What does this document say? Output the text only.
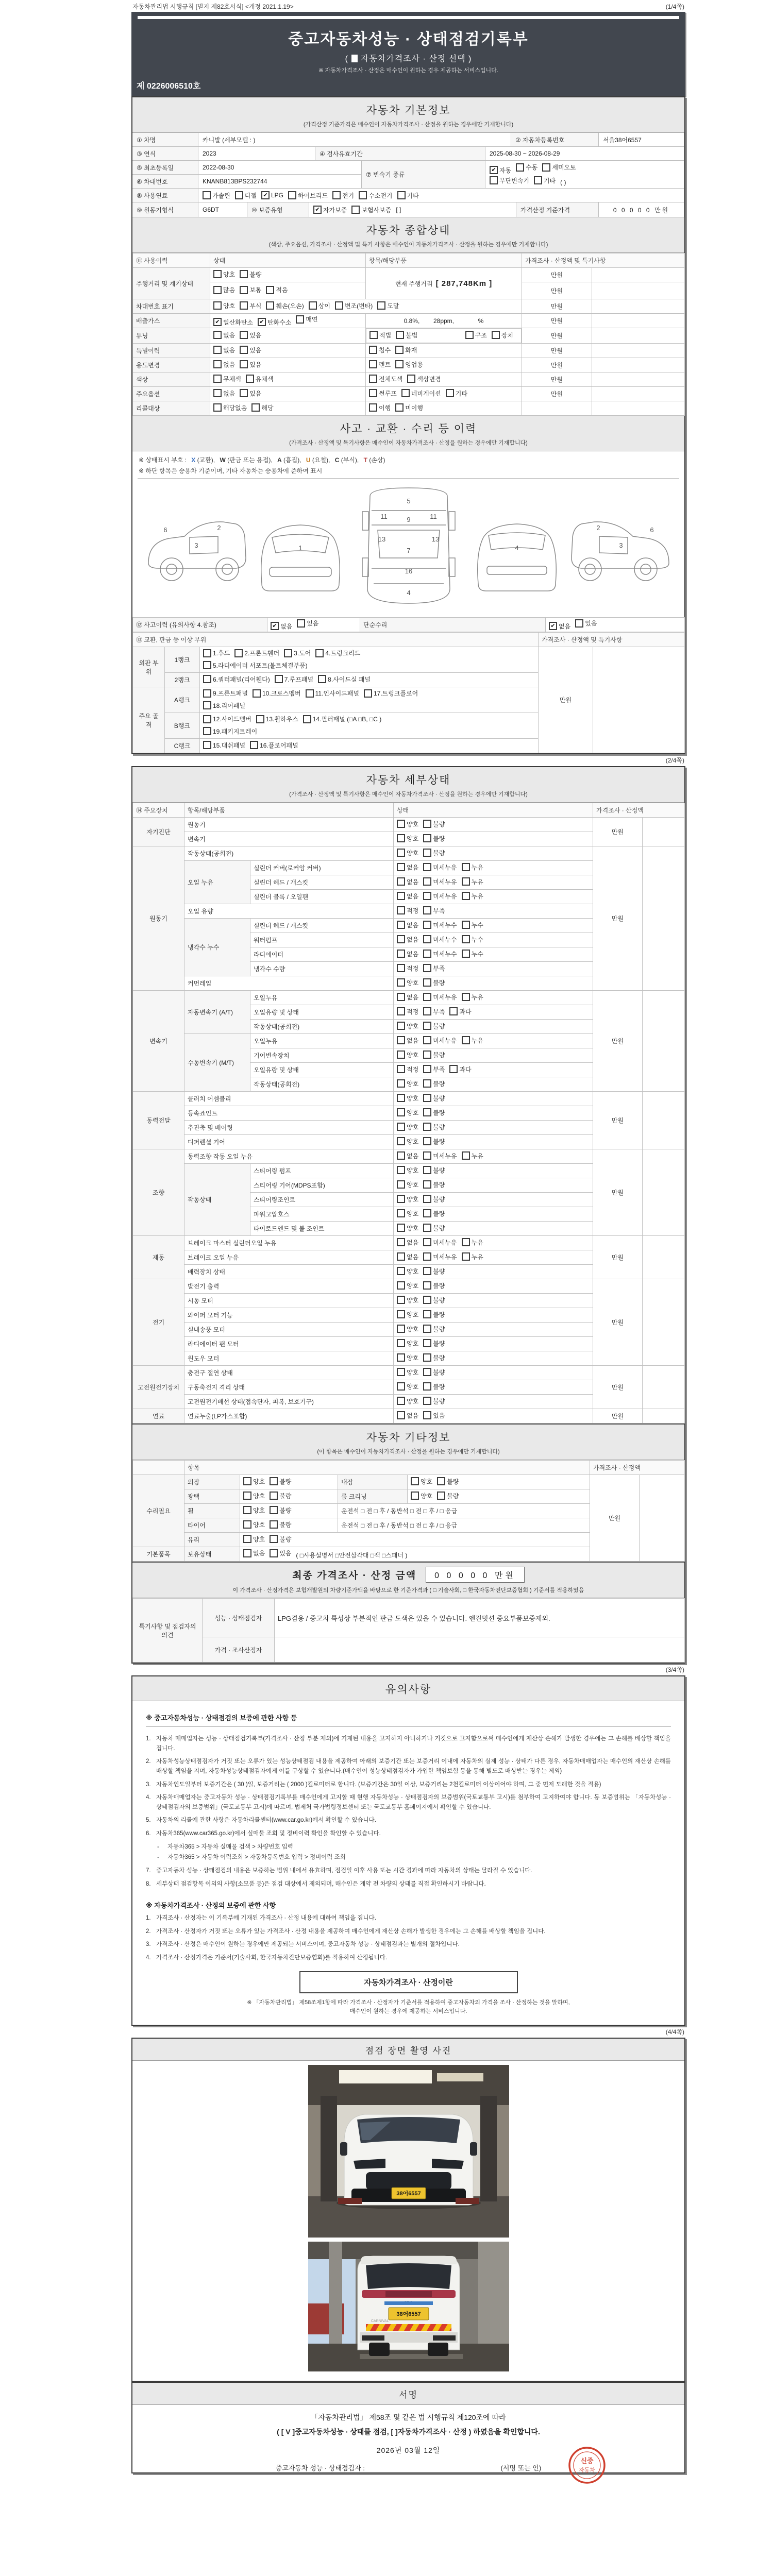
자동차관리법 시행규칙 [별지 제82호서식] <개정 2021.1.19>	(1/4쪽)
중고자동차성능 · 상태점검기록부
( 자동차가격조사 · 산정 선택 )
※ 자동차가격조사 · 산정은 매수인이 원하는 경우 제공하는 서비스입니다.
제 0226006510호
자동차 기본정보
(가격산정 기준가격은 매수인이 자동차가격조사 · 산정을 원하는 경우에만 기재합니다)
① 차명	카니발 (세부모델 : )	② 자동차등록번호	서울38어6557
③ 연식	2023	④ 검사유효기간	2025-08-30 ~ 2026-08-29
⑤ 최초등록일	2022-08-30
⑥ 차대번호	KNANB813BPS232744
⑦ 변속기 종류
✔ 자동 수동 세미오토
무단변속기 기타 ( )
⑧ 사용연료	가솔린 디젤	✔ LPG 하이브리드 전기 수소전기 기타
⑨ 원동기형식	G6DT	⑩ 보증유형	✔ 자가보증 보험사보증 [ ]	가격산정 기준가격	0 0 0 0 0 만원
자동차 종합상태
(색상, 주요옵션, 가격조사 · 산정액 및 특기 사항은 매수인이 자동차가격조사 · 산정을 원하는 경우에만 기재합니다)
⑪ 사용이력	상태	항목/해당부품	가격조사 · 산정액 및 특기사항	
주행거리 및 계기상태	양호 불량	현재 주행거리 [ 287,748Km ]	만원	

	많음 보통 적음		만원	
차대번호 표기	양호 부식 훼손(오손) 상이 변조(변타) 도말	만원	
배출가스	✔ 일산화탄소 ✔ 탄화수소 매연	0.8%,        28ppm,              %	만원	
튜닝	없음 있음
		적법 불법	구조 장치	만원	
특별이력	없음 있음	침수 화재	만원	
용도변경	없음 있음	렌트 영업용	만원	
색상	무채색 유채색	전체도색 색상변경	만원	
주요옵션	없음 있음	썬루프 네비게이션 기타	만원	
리콜대상	해당없음 해당	이행 미이행		

사고 · 교환 · 수리 등 이력
(가격조사 · 산정액 및 특기사항은 매수인이 자동차가격조사 · 산정을 원하는 경우에만 기재합니다)
※ 상태표시 부호 : X (교환), W (판금 또는 용접), A (흠집), U (요철), C (부식), T (손상)
※ 하단 항목은 승용차 기준이며, 기타 자동차는 승용차에 준하여 표시
2
3
6
1
5
9
11	11
13	13
7
16
4
4
2
3
6
⑫ 사고이력 (유의사항 4.참조)	✔ 없음 있음	단순수리	✔ 없음 있음
⑬ 교환, 판금 등 이상 부위			가격조사 · 산정액 및 특기사항	
외판 부위	1랭크	1.후드 2.프론트휀더 3.도어 4.트렁크리드
5.라디에이터 서포트(볼트체결부품)	만원	
	2랭크	6.쿼터패널(리어휀다) 7.루프패널 8.사이드실 패널		

주요 골격	A랭크	9.프론트패널 10.크로스멤버 11.인사이드패널 17.트렁크플로어
18.리어패널		

	B랭크	12.사이드멤버 13.휠하우스 14.필러패널 (□A □B, □C )
19.패키지트레이		

	C랭크	15.대쉬패널 16.플로어패널		
(2/4쪽)
자동차 세부상태
(가격조사 · 산정액 및 특기사항은 매수인이 자동차가격조사 · 산정을 원하는 경우에만 기재합니다)
⑭ 주요장치	항목/해당부품		상태	가격조사 · 산정액	
자기진단	원동기		양호 불량	만원	
	변속기		양호 불량		

원동기	작동상태(공회전)		양호 불량	만원	
	오일 누유	실린더 커버(로커암 커버)	없음 미세누유 누유		

		실린더 헤드 / 개스킷	없음 미세누유 누유		

		실린더 블록 / 오일팬	없음 미세누유 누유		

	오일 유량		적정 부족		

	냉각수 누수	실린더 헤드 / 개스킷	없음 미세누수 누수		

		워터펌프	없음 미세누수 누수		

		라디에이터	없음 미세누수 누수		

		냉각수 수량	적정 부족		

	커먼레일		양호 불량		

변속기	자동변속기 (A/T)	오일누유	없음 미세누유 누유	만원	
		오일유량 및 상태	적정 부족 과다		

		작동상태(공회전)	양호 불량		

	수동변속기 (M/T)	오일누유	없음 미세누유 누유		

		기어변속장치	양호 불량		

		오일유량 및 상태	적정 부족 과다		

		작동상태(공회전)	양호 불량		

동력전달	클러치 어셈블리		양호 불량	만원	
	등속죠인트		양호 불량		

	추진축 및 베어링		양호 불량		

	디퍼렌셜 기어		양호 불량		

조향	동력조향 작동 오일 누유		없음 미세누유 누유	만원	
	작동상태	스티어링 펌프	양호 불량		

		스티어링 기어(MDPS포함)	양호 불량		

		스티어링조인트	양호 불량		

		파워고압호스	양호 불량		

		타이로드엔드 및 볼 조인트	양호 불량		

제동	브레이크 마스터 실린더오일 누유		없음 미세누유 누유	만원	
	브레이크 오일 누유		없음 미세누유 누유		

	배력장치 상태		양호 불량		

전기	발전기 출력		양호 불량	만원	
	시동 모터		양호 불량		

	와이퍼 모터 기능		양호 불량		

	실내송풍 모터		양호 불량		

	라디에이터 팬 모터		양호 불량		

	윈도우 모터		양호 불량		

고전원전기장치	충전구 절연 상태		양호 불량	만원	
	구동축전지 격리 상태		양호 불량		

	고전원전기배선 상태(접속단자, 피복, 보호기구)		양호 불량		

연료	연료누출(LP가스포함)		없음 있음	만원	
자동차 기타정보
(이 항목은 매수인이 자동차가격조사 · 산정을 원하는 경우에만 기재합니다)
	항목				가격조사 · 산정액	
수리필요	외장	양호 불량	내장	양호 불량	만원	
	광택	양호 불량	룸 크리닝	양호 불량		

	휠	양호 불량	운전석 □ 전 □ 후 / 동반석 □ 전 □ 후 / □ 응급			
	타이어	양호 불량	운전석 □ 전 □ 후 / 동반석 □ 전 □ 후 / □ 응급			
	유리	양호 불량				

기본품목	보유상태	없음 있음 ( □사용설명서 □안전삼각대 □잭 □스패너 )				
최종 가격조사 · 산정 금액	0 0 0 0 0 만원
이 가격조사 · 산정가격은 보험개발원의 차량기준가액을 바탕으로 한 기준가격과 ( □ 기술사회, □ 한국자동차진단보증협회 ) 기준서를 적용하였음
특기사항 및 점검자의 의견	성능 · 상태점검자	LPG겸용 / 중고차 특성상 부분적인 판금 도색은 있을 수 있습니다. 엔진밋션 중요부품보증제외.
	가격 · 조사산정자	
(3/4쪽)
유의사항
※ 중고자동차성능 · 상태점검의 보증에 관한 사항 등
1. 자동차 매매업자는 성능 · 상태점검기록부(가격조사 · 산정 부분 제외)에 기재된 내용을 고지하지 아니하거나 거짓으로 고지함으로써 매수인에게 재산상 손해가 발생한 경우에는 그 손해를 배상할 책임을 집니다.
2. 자동차성능상태점검자가 거짓 또는 오류가 있는 성능상태점검 내용을 제공하여 아래의 보증기간 또는 보증거리 이내에 자동차의 실제 성능 · 상태가 다른 경우, 자동차매매업자는 매수인의 재산상 손해를 배상할 책임을 지며, 자동차성능상태점검자에게 이를 구상할 수 있습니다.(매수인이 성능상태점검자가 가입한 책임보험 등을 통해 별도로 배상받는 경우는 제외)
3. 자동차인도일부터 보증기간은 ( 30 )일, 보증거리는 ( 2000 )킬로미터로 합니다. (보증기간은 30일 이상, 보증거리는 2천킬로미터 이상이어야 하며, 그 중 먼저 도래한 것을 적용)
4. 자동차매매업자는 중고자동차 성능 · 상태점검기록부를 매수인에게 고지할 때 현행 자동차성능 · 상태점검자의 보증범위(국토교통부 고시)를 첨부하여 고지하여야 합니다. 동 보증범위는 「자동차성능 · 상태점검자의 보증범위」(국토교통부 고시)에 따르며, 법제처 국가법령정보센터 또는 국토교통부 홈페이지에서 확인할 수 있습니다.
5. 자동차의 리콜에 관한 사항은 자동차리콜센터(www.car.go.kr)에서 확인할 수 있습니다.
6. 자동차365(www.car365.go.kr)에서 실매물 조회 및 정비이력 확인을 확인할 수 있습니다.
-	자동차365 > 자동차 실매물 검색 > 차량번호 입력
-	자동차365 > 자동차 이력조회 > 자동차등록번호 입력 > 정비이력 조회
7. 중고자동차 성능 · 상태점검의 내용은 보증하는 범위 내에서 유효하며, 점검일 이후 사용 또는 시간 경과에 따라 자동차의 상태는 달라질 수 있습니다.
8. 세부상태 점검항목 이외의 사항(소모품 등)은 점검 대상에서 제외되며, 매수인은 계약 전 차량의 상태를 직접 확인하시기 바랍니다.
※ 자동차가격조사 · 산정의 보증에 관한 사항
1. 가격조사 · 산정자는 이 기록부에 기재된 가격조사 · 산정 내용에 대하여 책임을 집니다.
2. 가격조사 · 산정자가 거짓 또는 오류가 있는 가격조사 · 산정 내용을 제공하여 매수인에게 재산상 손해가 발생한 경우에는 그 손해를 배상할 책임을 집니다.
3. 가격조사 · 산정은 매수인이 원하는 경우에만 제공되는 서비스이며, 중고자동차 성능 · 상태점검과는 별개의 절차입니다.
4. 가격조사 · 산정가격은 기준서(기술사회, 한국자동차진단보증협회)를 적용하여 산정됩니다.
자동차가격조사 · 산정이란
※ 「자동차관리법」 제58조제1항에 따라 가격조사 · 산정자가 기준서를 적용하여 중고자동차의 가격을 조사 · 산정하는 것을 말하며,
매수인이 원하는 경우에 제공하는 서비스입니다.
(4/4쪽)
점검 장면 촬영 사진
38어6557
38어6557
CARNIVAL
서명
「자동차관리법」 제58조 및 같은 법 시행규칙 제120조에 따라
( [ V ]중고자동차성능 · 상태를 점검, [ ]자동차가격조사 · 산정 ) 하였음을 확인합니다.
2026년 03월 12일
중고자동차 성능 · 상태점검자 :	(서명 또는 인)
신중
자동차
